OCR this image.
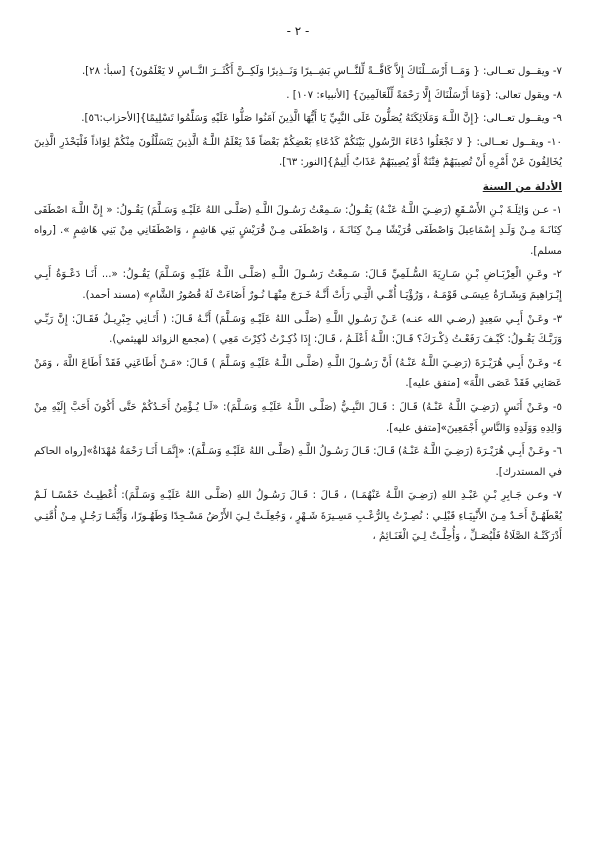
- ٢ -

٧- ويقــول تعــالى: { وَمَــا أَرْسَــلْنَاكَ إِلاَّ كَافَّــةً لِّلنَّــاسِ بَشِــيرًا وَنَــذِيرًا وَلَكِــنَّ أَكْثَــرَ النَّــاسِ لا يَعْلَمُونَ} [سبأ: ٢٨].

٨- ويقول تعالى: {وَمَا أَرْسَلْنَاكَ إِلَّا رَحْمَةً لِّلْعَالَمِينَ} [الأنبياء: ١٠٧] .

٩- ويقــول تعــالى: {إِنَّ اللَّـهَ وَمَلَائِكَتَهُ يُصَلُّونَ عَلَى النَّبِيِّ يَا أَيُّهَا الَّذِينَ آمَنُوا صَلُّوا عَلَيْهِ وَسَلِّمُوا تَسْلِيمًا}[الأحزاب:٥٦].

١٠- ويقــول تعــالى: { لا تَجْعَلُوا دُعَاءَ الرَّسُولِ بَيْنَكُمْ كَدُعَاءِ بَعْضِكُمْ بَعْضاً قَدْ يَعْلَمُ اللَّـهُ الَّذِينَ يَتَسَلَّلُونَ مِنْكُمْ لِوَاذاً فَلْيَحْذَرِ الَّذِينَ يُخَالِفُونَ عَنْ أَمْرِهِ أَنْ تُصِيبَهُمْ فِتْنَةٌ أَوْ يُصِيبَهُمْ عَذَابٌ أَلِيمٌ}[النور: ٦٣].

الأدلة من السنة

١- عـن وَاثِلَـةَ بْـنِ الأَسْـقَعِ (رَضِـيَ اللَّـهُ عَنْـهُ) يَقُـولُ: سَـمِعْتُ رَسُـولَ اللَّـهِ (صَلَّـى اللهُ عَلَيْـهِ وَسَـلَّمَ) يَقُـولُ: « إِنَّ اللَّـهَ اصْطَفَى كِنَانَـةَ مِـنْ وَلَـدِ إِسْمَاعِيلَ وَاصْطَفَى قُرَيْشًا مِـنْ كِنَانَـةَ ، وَاصْطَفَى مِـنْ قُرَيْشٍ بَنِي هَاشِمٍ ، وَاصْطَفَانِي مِنْ بَنِي هَاشِمٍ ». [رواه مسلم].

٢- وعَـنِ الْعِرْبَـاضِ بْـنِ سَـارِيَةَ السُّـلَمِيِّ قَـالَ: سَـمِعْتُ رَسُـولَ اللَّـهِ (صَلَّـى اللَّـهُ عَلَيْـهِ وَسَـلَّمَ) يَقُـولُ: «... أَنَـا دَعْـوَةُ أَبِـي إِبْـرَاهِيمَ وَبِشَـارَةُ عِيسَـى قَوْمَـهُ ، وَرُؤْيَـا أُمِّـي الَّتِـي رَأَتْ أَنَّـهُ خَـرَجَ مِنْهَـا نُـورٌ أَضَاءَتْ لَهُ قُصُورُ الشَّامِ» (مسند أحمد).

٣- وعَـنْ أَبِـي سَعِيدٍ (رضـي الله عنـه) عَـنْ رَسُـولِ اللَّـهِ (صَلَّـى اللهُ عَلَيْـهِ وَسَـلَّمَ) أَنَّـهُ قَـالَ: ( أَتَـانِي جِبْرِيـلُ فَقَـالَ: إِنَّ رَبِّـي وَرَبَّـكَ يَقُـولُ: كَيْـفَ رَفَعْـتُ ذِكْـرَكَ؟ قَـالَ: اللَّـهُ أَعْلَـمُ ، قَـالَ: إِذَا ذُكِـرْتُ ذُكِرْتَ مَعِي ) (مجمع الزوائد للهيثمي).

٤- وعَـنْ أَبِـي هُرَيْـرَةَ (رَضِـيَ اللَّـهُ عَنْـهُ) أَنَّ رَسُـولَ اللَّـهِ (صَلَّـى اللَّـهُ عَلَيْـهِ وَسَـلَّمَ ) قَـالَ: «مَـنْ أَطَاعَنِي فَقَدْ أَطَاعَ اللَّهَ ، وَمَنْ عَصَانِي فَقَدْ عَصَى اللَّهَ» [متفق عليه].

٥- وعَـنْ أَنَسٍ (رَضِـيَ اللَّـهُ عَنْـهُ) قَـالَ : قَـالَ النَّبِـيُّ (صَلَّـى اللَّـهُ عَلَيْـهِ وَسَـلَّمَ): «لَـا يُـؤْمِنُ أَحَـدُكُمْ حَتَّى أَكُونَ أَحَبَّ إِلَيْهِ مِنْ وَالِدِهِ وَوَلَدِهِ وَالنَّاسِ أَجْمَعِينَ»[متفق عليه].

٦- وعَـنْ أَبِـي هُرَيْـرَةَ (رَضِـيَ اللَّـهُ عَنْـهُ) قَـالَ: قَـالَ رَسُـولُ اللَّـهِ (صَلَّـى اللهُ عَلَيْـهِ وَسَـلَّمَ): «إِنَّمَـا أَنَـا رَحْمَةٌ مُهْدَاةٌ»[رواه الحاكم في المستدرك].

٧- وعـن جَـابِرِ بْـنِ عَبْـدِ اللهِ (رَضِـيَ اللَّـهُ عَنْهُمَـا) ، قَـالَ : قَـالَ رَسُـولُ اللهِ (صَلَّـى اللهُ عَلَيْـهِ وَسَـلَّمَ): أُعْطِيـتُ خَمْسًـا لَـمْ يُعْطَهُـنَّ أَحَـدٌ مِـنَ الأَنْبِيَـاءِ قَبْلِـي : نُصِـرْتُ بِالرُّعْـبِ مَسِـيرَةَ شَـهْرٍ ، وَجُعِلَـتْ لِـيَ الأَرْضُ مَسْـجِدًا وَطَهُـورًا، وَأَيُّمَـا رَجُـلٍ مِـنْ أُمَّتِـي أَدْرَكَتْـهُ الصَّلَاةُ فَلْيُصَـلِّ ، وَأُحِلَّـتْ لِـيَ الْغَنَـائِمُ ،
